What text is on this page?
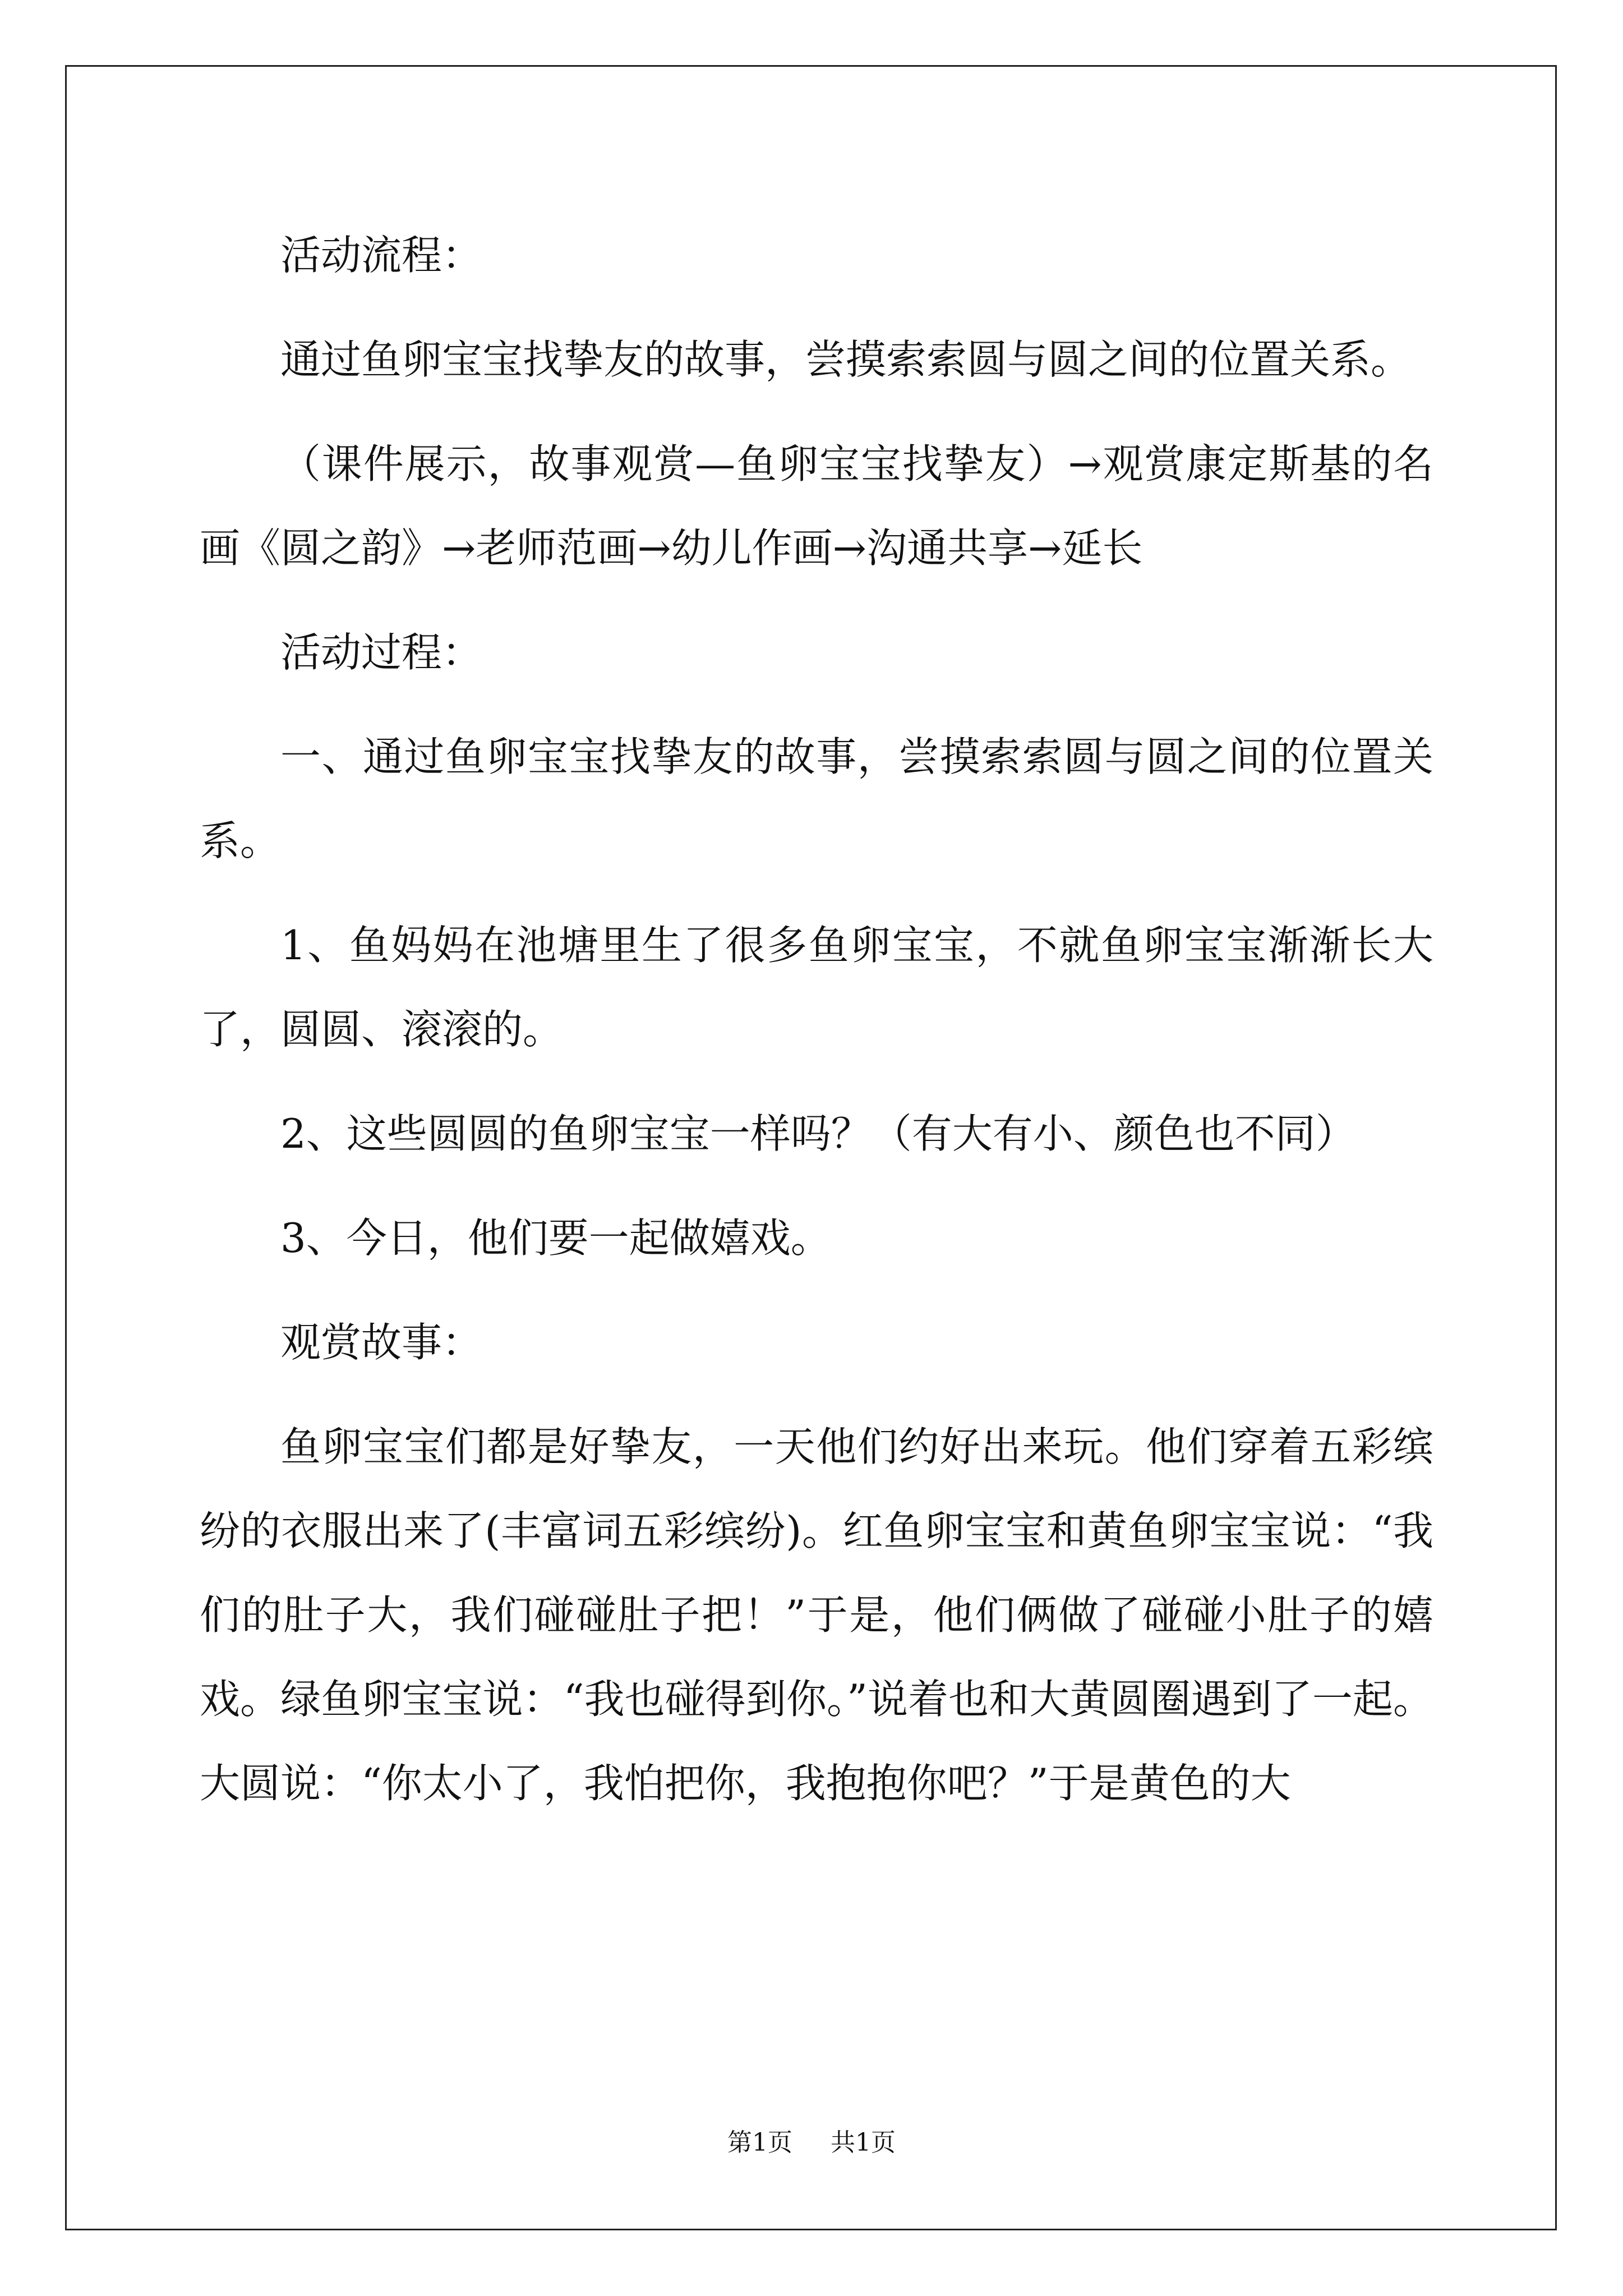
活动流程：

通过鱼卵宝宝找挚友的故事，尝摸索索圆与圆之间的位置关系。

（课件展示，故事观赏—鱼卵宝宝找挚友）→观赏康定斯基的名画《圆之韵》→老师范画→幼儿作画→沟通共享→延长

活动过程：

一、通过鱼卵宝宝找挚友的故事，尝摸索索圆与圆之间的位置关系。

1、鱼妈妈在池塘里生了很多鱼卵宝宝，不就鱼卵宝宝渐渐长大了，圆圆、滚滚的。

2、这些圆圆的鱼卵宝宝一样吗？（有大有小、颜色也不同）

3、今日，他们要一起做嬉戏。

观赏故事：

鱼卵宝宝们都是好挚友，一天他们约好出来玩。他们穿着五彩缤纷的衣服出来了(丰富词五彩缤纷)。红鱼卵宝宝和黄鱼卵宝宝说：“我们的肚子大，我们碰碰肚子把！”于是，他们俩做了碰碰小肚子的嬉戏。绿鱼卵宝宝说：“我也碰得到你。”说着也和大黄圆圈遇到了一起。大圆说：“你太小了，我怕把你，我抱抱你吧？”于是黄色的大

第1页 共1页
